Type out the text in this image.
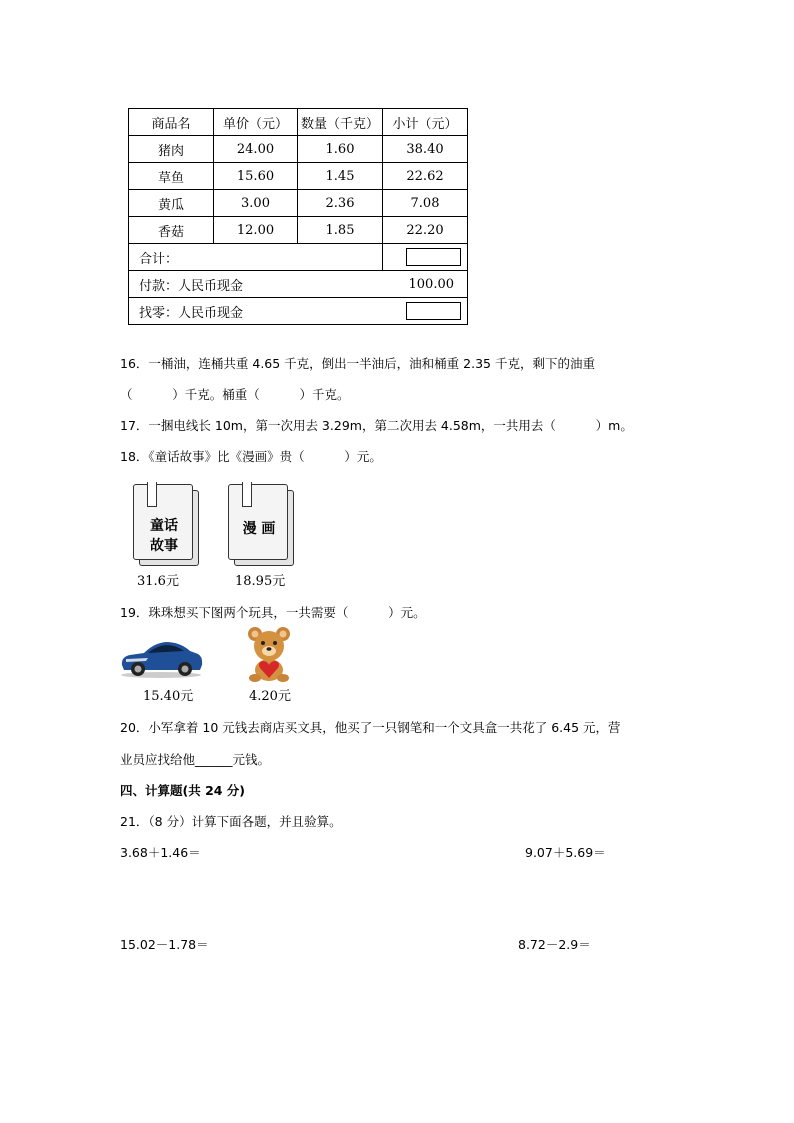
商品名	单价（元）	数量（千克）	小计（元）
猪肉	24.00	1.60	38.40
草鱼	15.60	1.45	22.62
黄瓜	3.00	2.36	7.08
香菇	12.00	1.85	22.20
合计：			
付款：人民币现金			100.00
找零：人民币现金			
16．一桶油，连桶共重 4.65 千克，倒出一半油后，油和桶重 2.35 千克，剩下的油重
（          ）千克。桶重（          ）千克。
17．一捆电线长 10m，第一次用去 3.29m，第二次用去 4.58m，一共用去（          ）m。
18．《童话故事》比《漫画》贵（          ）元。
童话
故事
31.6元
漫 画
18.95元
19．珠珠想买下图两个玩具，一共需要（          ）元。
15.40元	4.20元
20．小军拿着 10 元钱去商店买文具，他买了一只钢笔和一个文具盒一共花了 6.45 元，营
业员应找给他______元钱。
四、计算题(共 24 分)
21．（8 分）计算下面各题，并且验算。
3.68＋1.46＝	9.07＋5.69＝
15.02－1.78＝	8.72－2.9＝
